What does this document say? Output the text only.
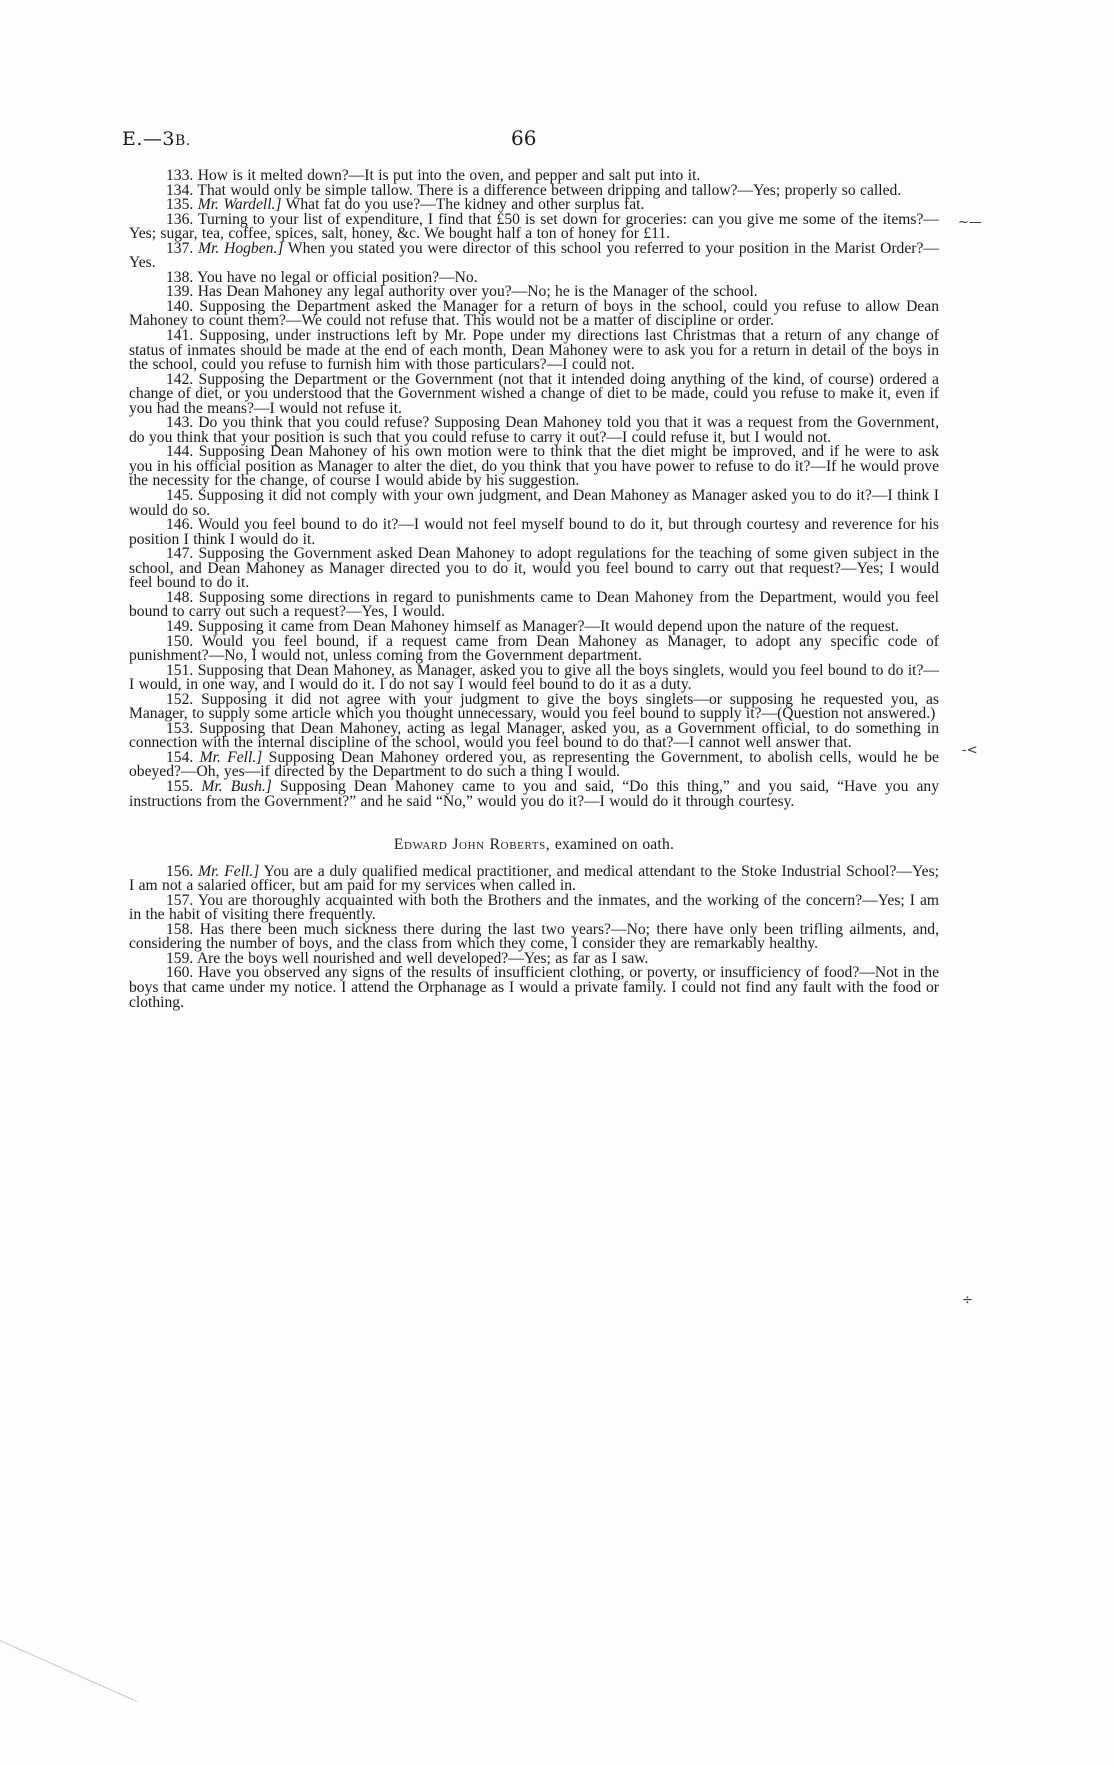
E.—3B.	66

133. How is it melted down?—It is put into the oven, and pepper and salt put into it.

134. That would only be simple tallow. There is a difference between dripping and tallow?—Yes; properly so called.

135. Mr. Wardell.] What fat do you use?—The kidney and other surplus fat.

136. Turning to your list of expenditure, I find that £50 is set down for groceries: can you give me some of the items?—Yes; sugar, tea, coffee, spices, salt, honey, &c. We bought half a ton of honey for £11.

137. Mr. Hogben.] When you stated you were director of this school you referred to your position in the Marist Order?—Yes.

138. You have no legal or official position?—No.

139. Has Dean Mahoney any legal authority over you?—No; he is the Manager of the school.

140. Supposing the Department asked the Manager for a return of boys in the school, could you refuse to allow Dean Mahoney to count them?—We could not refuse that. This would not be a matter of discipline or order.

141. Supposing, under instructions left by Mr. Pope under my directions last Christmas that a return of any change of status of inmates should be made at the end of each month, Dean Mahoney were to ask you for a return in detail of the boys in the school, could you refuse to furnish him with those particulars?—I could not.

142. Supposing the Department or the Government (not that it intended doing anything of the kind, of course) ordered a change of diet, or you understood that the Government wished a change of diet to be made, could you refuse to make it, even if you had the means?—I would not refuse it.

143. Do you think that you could refuse? Supposing Dean Mahoney told you that it was a request from the Government, do you think that your position is such that you could refuse to carry it out?—I could refuse it, but I would not.

144. Supposing Dean Mahoney of his own motion were to think that the diet might be improved, and if he were to ask you in his official position as Manager to alter the diet, do you think that you have power to refuse to do it?—If he would prove the necessity for the change, of course I would abide by his suggestion.

145. Supposing it did not comply with your own judgment, and Dean Mahoney as Manager asked you to do it?—I think I would do so.

146. Would you feel bound to do it?—I would not feel myself bound to do it, but through courtesy and reverence for his position I think I would do it.

147. Supposing the Government asked Dean Mahoney to adopt regulations for the teaching of some given subject in the school, and Dean Mahoney as Manager directed you to do it, would you feel bound to carry out that request?—Yes; I would feel bound to do it.

148. Supposing some directions in regard to punishments came to Dean Mahoney from the Department, would you feel bound to carry out such a request?—Yes, I would.

149. Supposing it came from Dean Mahoney himself as Manager?—It would depend upon the nature of the request.

150. Would you feel bound, if a request came from Dean Mahoney as Manager, to adopt any specific code of punishment?—No, I would not, unless coming from the Government department.

151. Supposing that Dean Mahoney, as Manager, asked you to give all the boys singlets, would you feel bound to do it?—I would, in one way, and I would do it. I do not say I would feel bound to do it as a duty.

152. Supposing it did not agree with your judgment to give the boys singlets—or supposing he requested you, as Manager, to supply some article which you thought unnecessary, would you feel bound to supply it?—(Question not answered.)

153. Supposing that Dean Mahoney, acting as legal Manager, asked you, as a Government official, to do something in connection with the internal discipline of the school, would you feel bound to do that?—I cannot well answer that.

154. Mr. Fell.] Supposing Dean Mahoney ordered you, as representing the Government, to abolish cells, would he be obeyed?—Oh, yes—if directed by the Department to do such a thing I would.

155. Mr. Bush.] Supposing Dean Mahoney came to you and said, “Do this thing,” and you said, “Have you any instructions from the Government?” and he said “No,” would you do it?—I would do it through courtesy.

Edward John Roberts, examined on oath.

156. Mr. Fell.] You are a duly qualified medical practitioner, and medical attendant to the Stoke Industrial School?—Yes; I am not a salaried officer, but am paid for my services when called in.

157. You are thoroughly acquainted with both the Brothers and the inmates, and the working of the concern?—Yes; I am in the habit of visiting there frequently.

158. Has there been much sickness there during the last two years?—No; there have only been trifling ailments, and, considering the number of boys, and the class from which they come, I consider they are remarkably healthy.

159. Are the boys well nourished and well developed?—Yes; as far as I saw.

160. Have you observed any signs of the results of insufficient clothing, or poverty, or insufficiency of food?—Not in the boys that came under my notice. I attend the Orphanage as I would a private family. I could not find any fault with the food or clothing.

~—
-<
÷
